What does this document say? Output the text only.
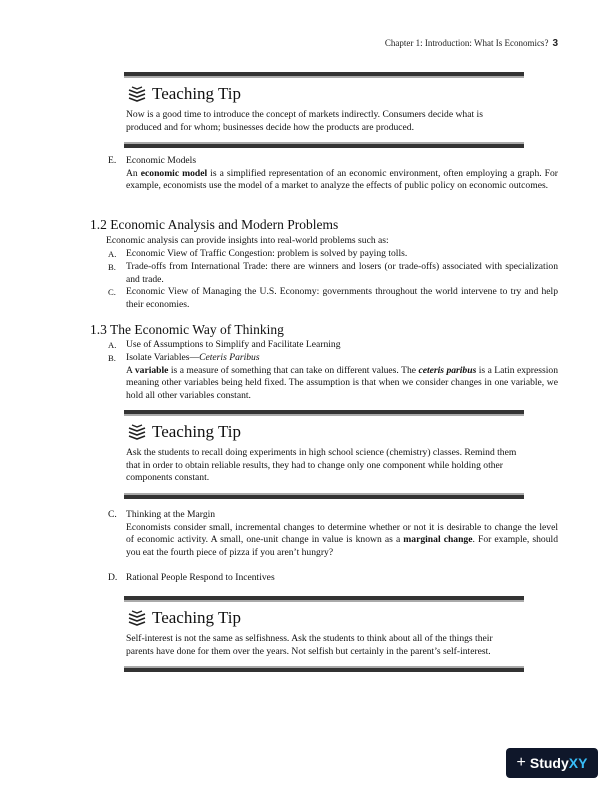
Chapter 1: Introduction: What Is Economics? 3
Teaching Tip
Now is a good time to introduce the concept of markets indirectly. Consumers decide what is produced and for whom; businesses decide how the products are produced.
E. Economic Models
An economic model is a simplified representation of an economic environment, often employing a graph. For example, economists use the model of a market to analyze the effects of public policy on economic outcomes.
1.2 Economic Analysis and Modern Problems
Economic analysis can provide insights into real-world problems such as:
A. Economic View of Traffic Congestion: problem is solved by paying tolls.
B. Trade-offs from International Trade: there are winners and losers (or trade-offs) associated with specialization and trade.
C. Economic View of Managing the U.S. Economy: governments throughout the world intervene to try and help their economies.
1.3 The Economic Way of Thinking
A. Use of Assumptions to Simplify and Facilitate Learning
B. Isolate Variables—Ceteris Paribus
A variable is a measure of something that can take on different values. The ceteris paribus is a Latin expression meaning other variables being held fixed. The assumption is that when we consider changes in one variable, we hold all other variables constant.
Teaching Tip
Ask the students to recall doing experiments in high school science (chemistry) classes. Remind them that in order to obtain reliable results, they had to change only one component while holding other components constant.
C. Thinking at the Margin
Economists consider small, incremental changes to determine whether or not it is desirable to change the level of economic activity. A small, one-unit change in value is known as a marginal change. For example, should you eat the fourth piece of pizza if you aren’t hungry?
D. Rational People Respond to Incentives
Teaching Tip
Self-interest is not the same as selfishness. Ask the students to think about all of the things their parents have done for them over the years. Not selfish but certainly in the parent’s self-interest.
+ Study XY
